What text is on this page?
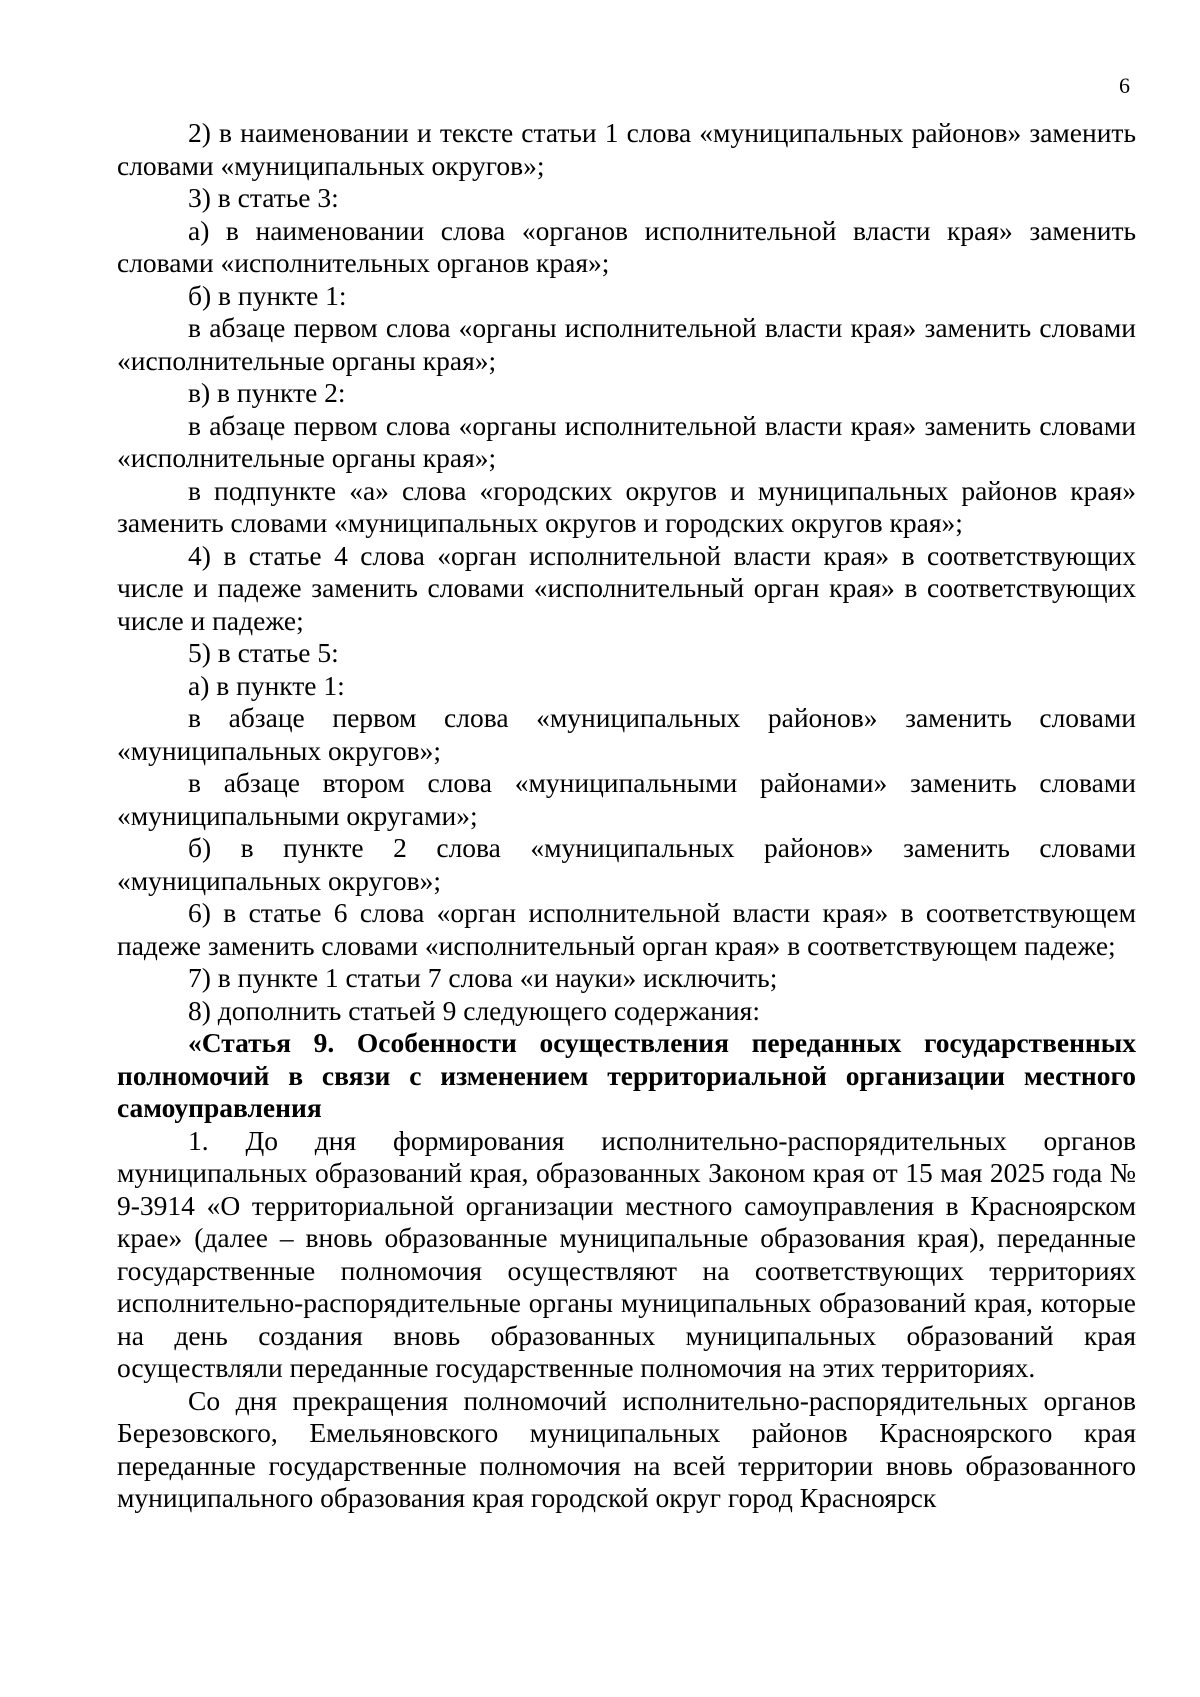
6

2) в наименовании и тексте статьи 1 слова «муниципальных районов» заменить словами «муниципальных округов»;

3) в статье 3:

а) в наименовании слова «органов исполнительной власти края» заменить словами «исполнительных органов края»;

б) в пункте 1:

в абзаце первом слова «органы исполнительной власти края» заменить словами «исполнительные органы края»;

в) в пункте 2:

в абзаце первом слова «органы исполнительной власти края» заменить словами «исполнительные органы края»;

в подпункте «а» слова «городских округов и муниципальных районов края» заменить словами «муниципальных округов и городских округов края»;

4) в статье 4 слова «орган исполнительной власти края» в соответствующих числе и падеже заменить словами «исполнительный орган края» в соответствующих числе и падеже;

5) в статье 5:

а) в пункте 1:

в абзаце первом слова «муниципальных районов» заменить словами «муниципальных округов»;

в абзаце втором слова «муниципальными районами» заменить словами «муниципальными округами»;

б) в пункте 2 слова «муниципальных районов» заменить словами «муниципальных округов»;

6) в статье 6 слова «орган исполнительной власти края» в соответствующем падеже заменить словами «исполнительный орган края» в соответствующем падеже;

7) в пункте 1 статьи 7 слова «и науки» исключить;

8) дополнить статьей 9 следующего содержания:

«Статья 9. Особенности осуществления переданных государственных полномочий в связи с изменением территориальной организации местного самоуправления

1. До дня формирования исполнительно-распорядительных органов муниципальных образований края, образованных Законом края от 15 мая 2025 года № 9-3914 «О территориальной организации местного самоуправления в Красноярском крае» (далее – вновь образованные муниципальные образования края), переданные государственные полномочия осуществляют на соответствующих территориях исполнительно-распорядительные органы муниципальных образований края, которые на день создания вновь образованных муниципальных образований края осуществляли переданные государственные полномочия на этих территориях.

Со дня прекращения полномочий исполнительно-распорядительных органов Березовского, Емельяновского муниципальных районов Красноярского края переданные государственные полномочия на всей территории вновь образованного муниципального образования края городской округ город Красноярск
